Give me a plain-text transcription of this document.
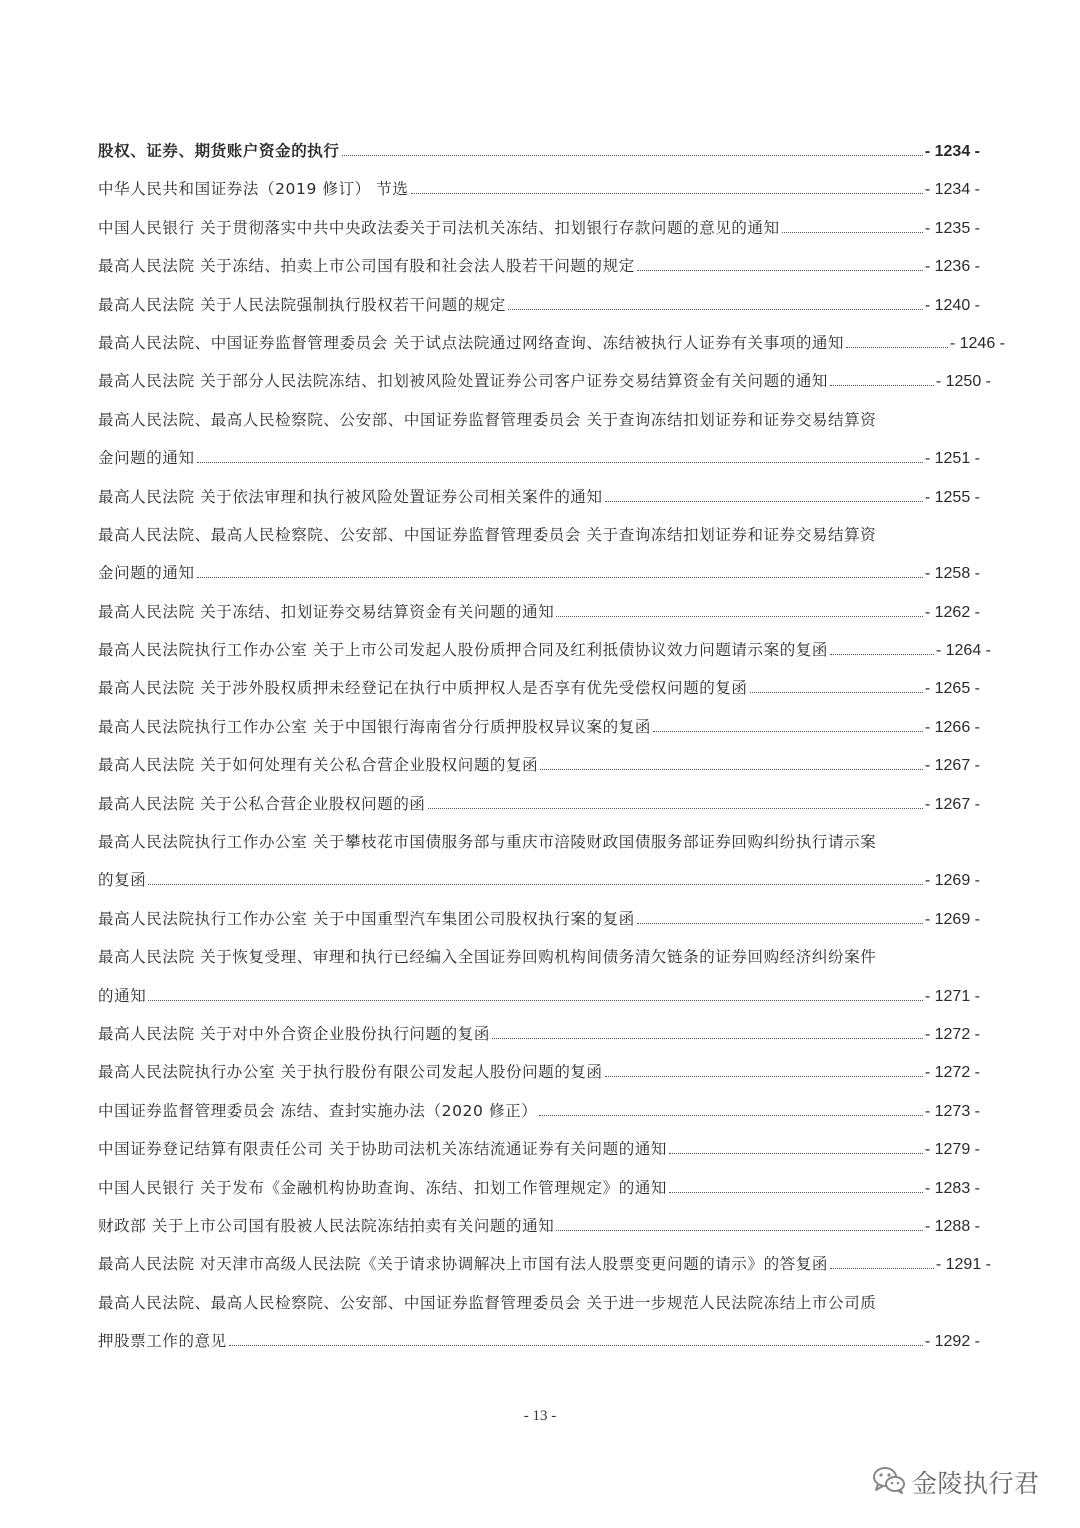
股权、证券、期货账户资金的执行	- 1234 -
中华人民共和国证券法（2019 修订） 节选	- 1234 -
中国人民银行 关于贯彻落实中共中央政法委关于司法机关冻结、扣划银行存款问题的意见的通知	- 1235 -
最高人民法院 关于冻结、拍卖上市公司国有股和社会法人股若干问题的规定	- 1236 -
最高人民法院 关于人民法院强制执行股权若干问题的规定	- 1240 -
最高人民法院、中国证券监督管理委员会 关于试点法院通过网络查询、冻结被执行人证券有关事项的通知	- 1246 -
最高人民法院 关于部分人民法院冻结、扣划被风险处置证券公司客户证券交易结算资金有关问题的通知	- 1250 -
最高人民法院、最高人民检察院、公安部、中国证券监督管理委员会 关于查询冻结扣划证券和证券交易结算资
金问题的通知	- 1251 -
最高人民法院 关于依法审理和执行被风险处置证券公司相关案件的通知	- 1255 -
最高人民法院、最高人民检察院、公安部、中国证券监督管理委员会 关于查询冻结扣划证券和证券交易结算资
金问题的通知	- 1258 -
最高人民法院 关于冻结、扣划证券交易结算资金有关问题的通知	- 1262 -
最高人民法院执行工作办公室 关于上市公司发起人股份质押合同及红利抵债协议效力问题请示案的复函	- 1264 -
最高人民法院 关于涉外股权质押未经登记在执行中质押权人是否享有优先受偿权问题的复函	- 1265 -
最高人民法院执行工作办公室 关于中国银行海南省分行质押股权异议案的复函	- 1266 -
最高人民法院 关于如何处理有关公私合营企业股权问题的复函	- 1267 -
最高人民法院 关于公私合营企业股权问题的函	- 1267 -
最高人民法院执行工作办公室 关于攀枝花市国债服务部与重庆市涪陵财政国债服务部证券回购纠纷执行请示案
的复函	- 1269 -
最高人民法院执行工作办公室 关于中国重型汽车集团公司股权执行案的复函	- 1269 -
最高人民法院 关于恢复受理、审理和执行已经编入全国证券回购机构间债务清欠链条的证券回购经济纠纷案件
的通知	- 1271 -
最高人民法院 关于对中外合资企业股份执行问题的复函	- 1272 -
最高人民法院执行办公室 关于执行股份有限公司发起人股份问题的复函	- 1272 -
中国证券监督管理委员会 冻结、查封实施办法（2020 修正）	- 1273 -
中国证券登记结算有限责任公司 关于协助司法机关冻结流通证券有关问题的通知	- 1279 -
中国人民银行 关于发布《金融机构协助查询、冻结、扣划工作管理规定》的通知	- 1283 -
财政部 关于上市公司国有股被人民法院冻结拍卖有关问题的通知	- 1288 -
最高人民法院 对天津市高级人民法院《关于请求协调解决上市国有法人股票变更问题的请示》的答复函	- 1291 -
最高人民法院、最高人民检察院、公安部、中国证券监督管理委员会 关于进一步规范人民法院冻结上市公司质
押股票工作的意见	- 1292 -
- 13 -
金陵执行君
